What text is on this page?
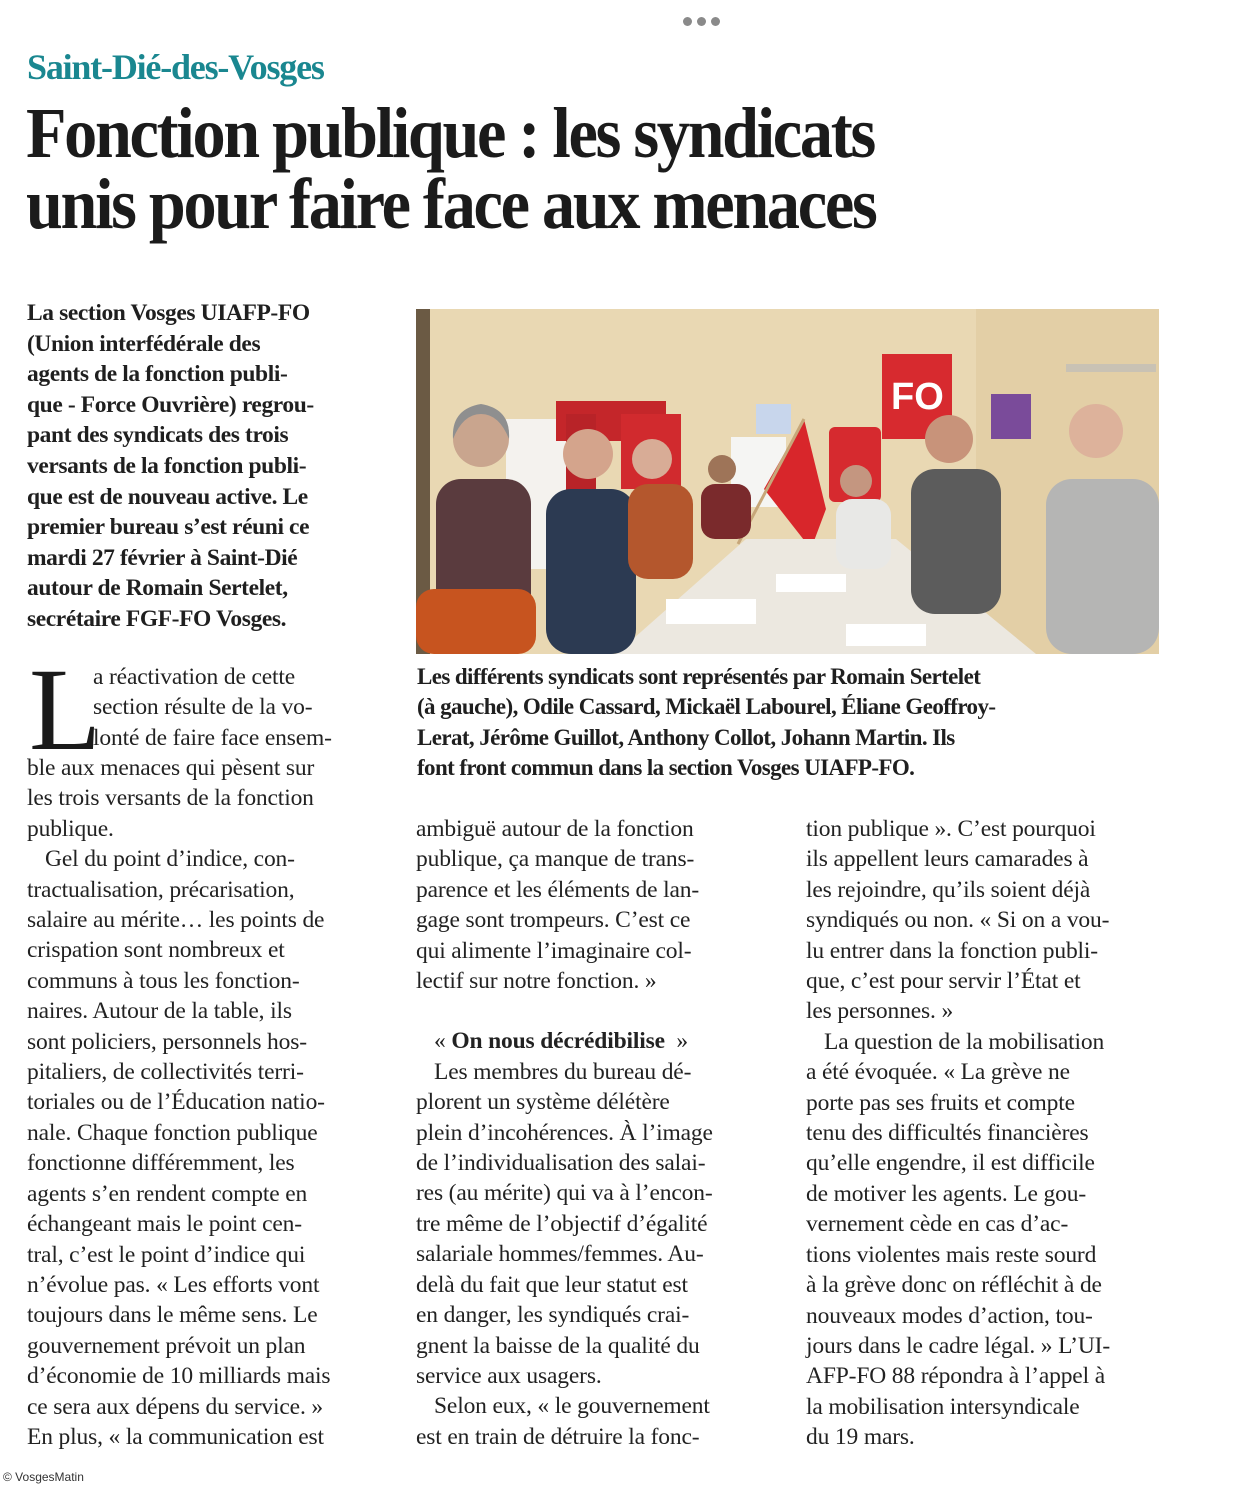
Saint-Dié-des-Vosges
Fonction publique : les syndicats
unis pour faire face aux menaces
La section Vosges UIAFP-FO
(Union interfédérale des
agents de la fonction publi-
que - Force Ouvrière) regrou-
pant des syndicats des trois
versants de la fonction publi-
que est de nouveau active. Le
premier bureau s’est réuni ce
mardi 27 février à Saint-Dié
autour de Romain Sertelet,
secrétaire FGF-FO Vosges.
FO
Les différents syndicats sont représentés par Romain Sertelet
(à gauche), Odile Cassard, Mickaël Labourel, Éliane Geoffroy-
Lerat, Jérôme Guillot, Anthony Collot, Johann Martin. Ils
font front commun dans la section Vosges UIAFP-FO.
L
a réactivation de cette
section résulte de la vo-
lonté de faire face ensem-
ble aux menaces qui pèsent sur
les trois versants de la fonction
publique.
Gel du point d’indice, con-
tractualisation, précarisation,
salaire au mérite… les points de
crispation sont nombreux et
communs à tous les fonction-
naires. Autour de la table, ils
sont policiers, personnels hos-
pitaliers, de collectivités terri-
toriales ou de l’Éducation natio-
nale. Chaque fonction publique
fonctionne différemment, les
agents s’en rendent compte en
échangeant mais le point cen-
tral, c’est le point d’indice qui
n’évolue pas. « Les efforts vont
toujours dans le même sens. Le
gouvernement prévoit un plan
d’économie de 10 milliards mais
ce sera aux dépens du service. »
En plus, « la communication est
ambiguë autour de la fonction
publique, ça manque de trans-
parence et les éléments de lan-
gage sont trompeurs. C’est ce
qui alimente l’imaginaire col-
lectif sur notre fonction. »
« On nous décrédibilise  »
Les membres du bureau dé-
plorent un système délétère
plein d’incohérences. À l’image
de l’individualisation des salai-
res (au mérite) qui va à l’encon-
tre même de l’objectif d’égalité
salariale hommes/femmes. Au-
delà du fait que leur statut est
en danger, les syndiqués crai-
gnent la baisse de la qualité du
service aux usagers.
Selon eux, « le gouvernement
est en train de détruire la fonc-
tion publique ». C’est pourquoi
ils appellent leurs camarades à
les rejoindre, qu’ils soient déjà
syndiqués ou non. « Si on a vou-
lu entrer dans la fonction publi-
que, c’est pour servir l’État et
les personnes. »
La question de la mobilisation
a été évoquée. « La grève ne
porte pas ses fruits et compte
tenu des difficultés financières
qu’elle engendre, il est difficile
de motiver les agents. Le gou-
vernement cède en cas d’ac-
tions violentes mais reste sourd
à la grève donc on réfléchit à de
nouveaux modes d’action, tou-
jours dans le cadre légal. » L’UI-
AFP-FO 88 répondra à l’appel à
la mobilisation intersyndicale
du 19 mars.
© VosgesMatin
